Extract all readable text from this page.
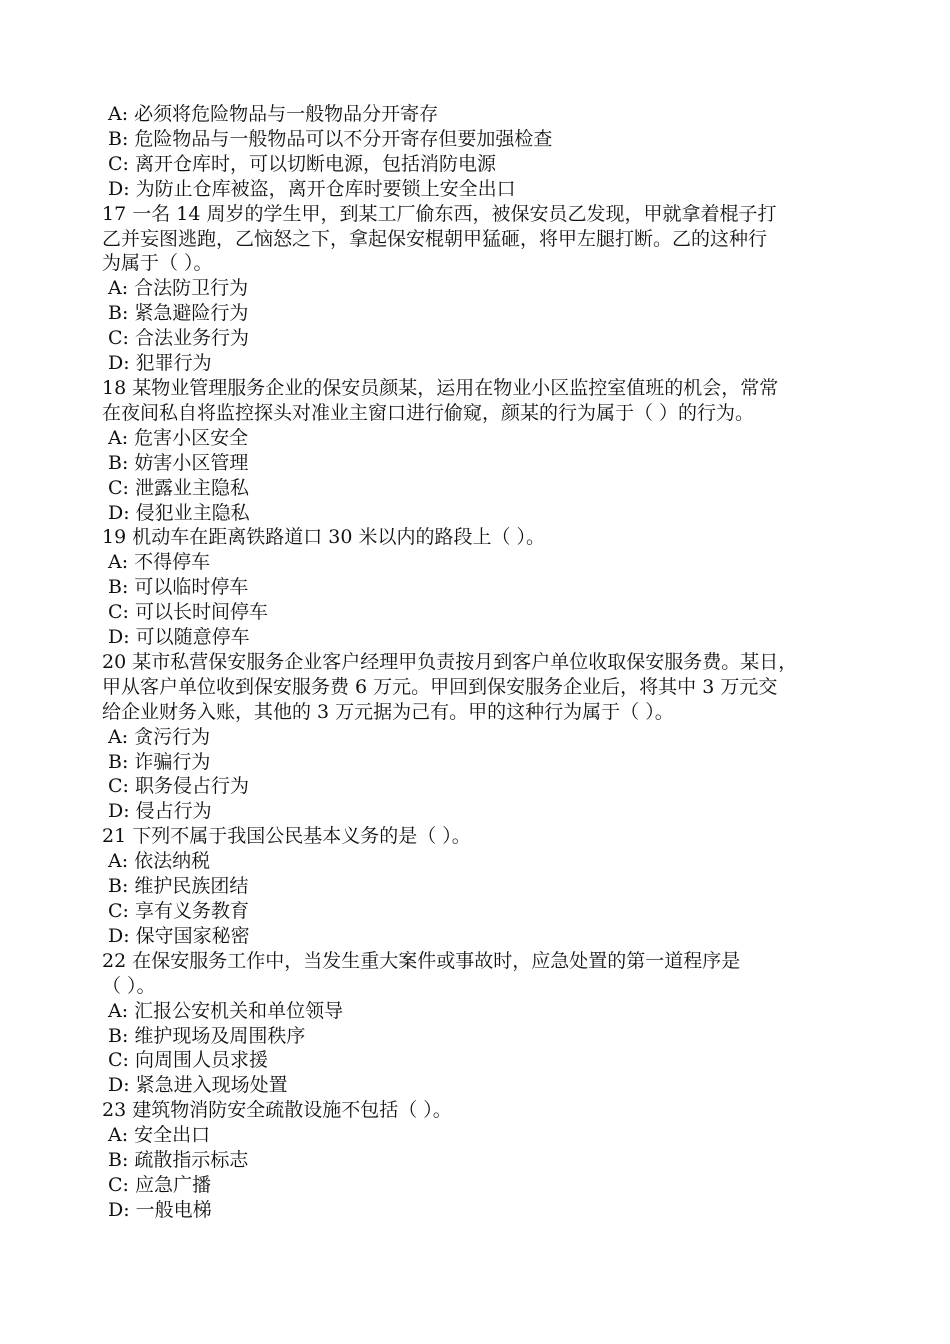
A: 必须将危险物品与一般物品分开寄存

B: 危险物品与一般物品可以不分开寄存但要加强检查

C: 离开仓库时，可以切断电源，包括消防电源

D: 为防止仓库被盗，离开仓库时要锁上安全出口

17 一名 14 周岁的学生甲，到某工厂偷东西，被保安员乙发现，甲就拿着棍子打

乙并妄图逃跑，乙恼怒之下，拿起保安棍朝甲猛砸，将甲左腿打断。乙的这种行

为属于（ ）。

A: 合法防卫行为

B: 紧急避险行为

C: 合法业务行为

D: 犯罪行为

18 某物业管理服务企业的保安员颜某，运用在物业小区监控室值班的机会，常常

在夜间私自将监控探头对准业主窗口进行偷窥，颜某的行为属于（ ）的行为。

A: 危害小区安全

B: 妨害小区管理

C: 泄露业主隐私

D: 侵犯业主隐私

19 机动车在距离铁路道口 30 米以内的路段上（ ）。

A: 不得停车

B: 可以临时停车

C: 可以长时间停车

D: 可以随意停车

20 某市私营保安服务企业客户经理甲负责按月到客户单位收取保安服务费。某日，

甲从客户单位收到保安服务费 6 万元。甲回到保安服务企业后，将其中 3 万元交

给企业财务入账，其他的 3 万元据为己有。甲的这种行为属于（ ）。

A: 贪污行为

B: 诈骗行为

C: 职务侵占行为

D: 侵占行为

21 下列不属于我国公民基本义务的是（ ）。

A: 依法纳税

B: 维护民族团结

C: 享有义务教育

D: 保守国家秘密

22 在保安服务工作中，当发生重大案件或事故时，应急处置的第一道程序是

（ ）。

A: 汇报公安机关和单位领导

B: 维护现场及周围秩序

C: 向周围人员求援

D: 紧急进入现场处置

23 建筑物消防安全疏散设施不包括（ ）。

A: 安全出口

B: 疏散指示标志

C: 应急广播

D: 一般电梯
